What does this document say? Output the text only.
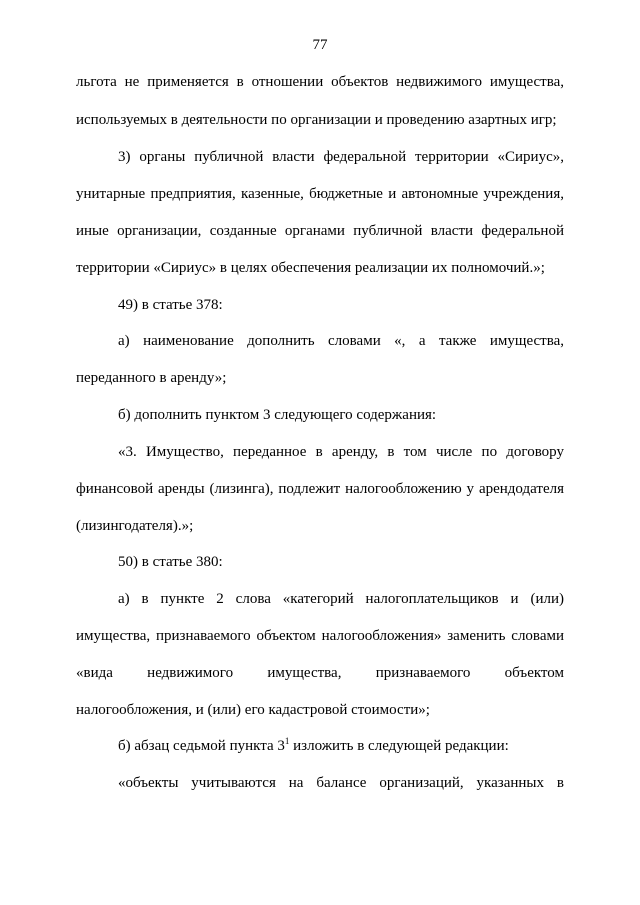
77
льгота не применяется в отношении объектов недвижимого имущества,
используемых в деятельности по организации и проведению азартных игр;
3) органы публичной власти федеральной территории «Сириус»,
унитарные предприятия, казенные, бюджетные и автономные учреждения,
иные организации, созданные органами публичной власти федеральной
территории «Сириус» в целях обеспечения реализации их полномочий.»;
49) в статье 378:
а) наименование дополнить словами «, а также имущества,
переданного в аренду»;
б) дополнить пунктом 3 следующего содержания:
«3. Имущество, переданное в аренду, в том числе по договору
финансовой аренды (лизинга), подлежит налогообложению у арендодателя
(лизингодателя).»;
50) в статье 380:
а) в пункте 2 слова «категорий налогоплательщиков и (или)
имущества, признаваемого объектом налогообложения» заменить словами
«вида недвижимого имущества, признаваемого объектом
налогообложения, и (или) его кадастровой стоимости»;
б) абзац седьмой пункта $3^1$ изложить в следующей редакции:
«объекты учитываются на балансе организаций, указанных в
